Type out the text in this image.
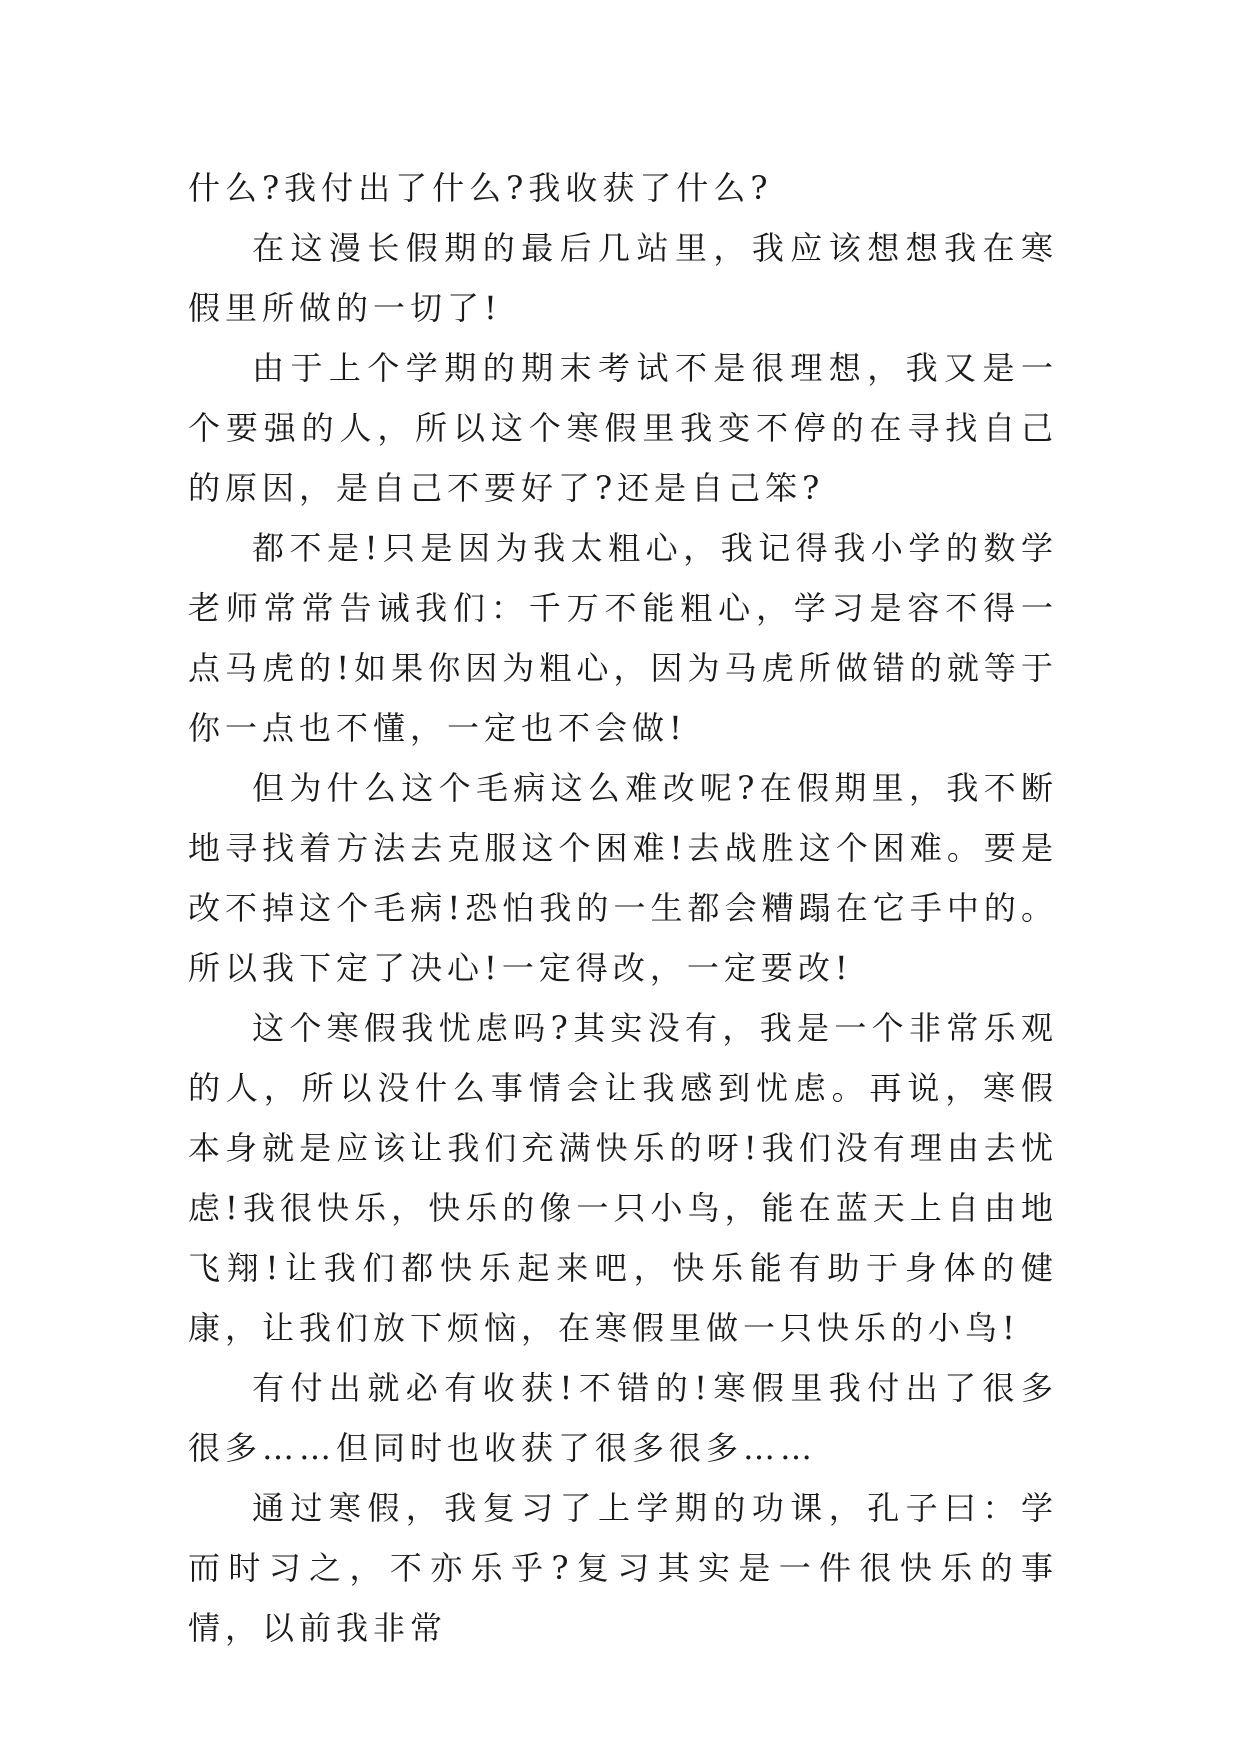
什么?我付出了什么?我收获了什么?

在这漫长假期的最后几站里，我应该想想我在寒假里所做的一切了!

由于上个学期的期末考试不是很理想，我又是一个要强的人，所以这个寒假里我变不停的在寻找自己的原因，是自己不要好了?还是自己笨?

都不是!只是因为我太粗心，我记得我小学的数学老师常常告诫我们：千万不能粗心，学习是容不得一点马虎的!如果你因为粗心，因为马虎所做错的就等于你一点也不懂，一定也不会做!

但为什么这个毛病这么难改呢?在假期里，我不断地寻找着方法去克服这个困难!去战胜这个困难。要是改不掉这个毛病!恐怕我的一生都会糟蹋在它手中的。所以我下定了决心!一定得改，一定要改!

这个寒假我忧虑吗?其实没有，我是一个非常乐观的人，所以没什么事情会让我感到忧虑。再说，寒假本身就是应该让我们充满快乐的呀!我们没有理由去忧虑!我很快乐，快乐的像一只小鸟，能在蓝天上自由地飞翔!让我们都快乐起来吧，快乐能有助于身体的健康，让我们放下烦恼，在寒假里做一只快乐的小鸟!

有付出就必有收获!不错的!寒假里我付出了很多很多……但同时也收获了很多很多……

通过寒假，我复习了上学期的功课，孔子曰：学而时习之，不亦乐乎?复习其实是一件很快乐的事情，以前我非常
